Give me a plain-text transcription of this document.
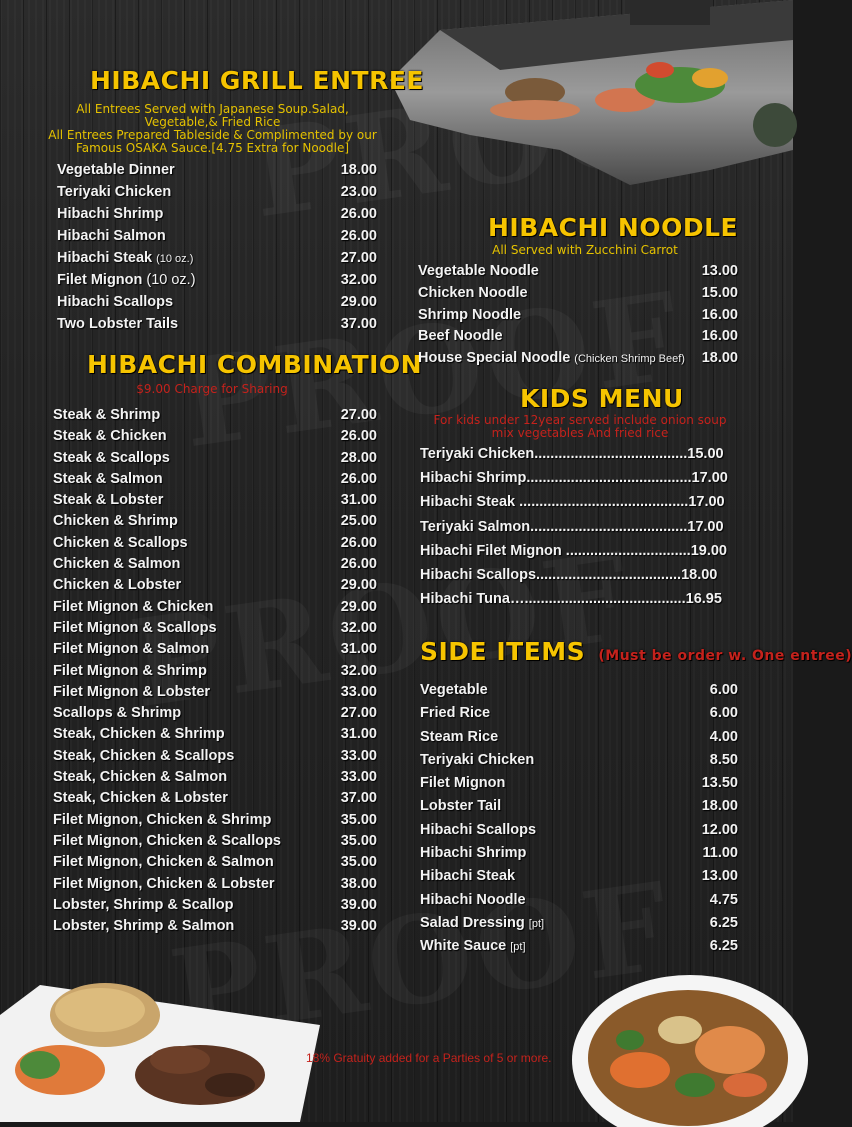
HIBACHI GRILL ENTREE
All Entrees Served with Japanese Soup.Salad,
Vegetable,& Fried Rice
All Entrees Prepared Tableside & Complimented by our
Famous OSAKA Sauce.[4.75 Extra for Noodle]
Vegetable Dinner	18.00
Teriyaki Chicken	23.00
Hibachi Shrimp	26.00
Hibachi Salmon	26.00
Hibachi Steak (10 oz.)	27.00
Filet Mignon (10 oz.)	32.00
Hibachi Scallops	29.00
Two Lobster Tails	37.00
HIBACHI COMBINATION
$9.00 Charge for Sharing
Steak & Shrimp	27.00
Steak & Chicken	26.00
Steak & Scallops	28.00
Steak & Salmon	26.00
Steak & Lobster	31.00
Chicken & Shrimp	25.00
Chicken & Scallops	26.00
Chicken & Salmon	26.00
Chicken & Lobster	29.00
Filet Mignon & Chicken	29.00
Filet Mignon & Scallops	32.00
Filet Mignon & Salmon	31.00
Filet Mignon & Shrimp	32.00
Filet Mignon & Lobster	33.00
Scallops & Shrimp	27.00
Steak, Chicken & Shrimp	31.00
Steak, Chicken & Scallops	33.00
Steak, Chicken & Salmon	33.00
Steak, Chicken & Lobster	37.00
Filet Mignon, Chicken & Shrimp	35.00
Filet Mignon, Chicken & Scallops	35.00
Filet Mignon, Chicken & Salmon	35.00
Filet Mignon, Chicken & Lobster	38.00
Lobster, Shrimp & Scallop	39.00
Lobster, Shrimp & Salmon	39.00
HIBACHI NOODLE
All Served with Zucchini Carrot
Vegetable Noodle	13.00
Chicken Noodle	15.00
Shrimp Noodle	16.00
Beef Noodle	16.00
House Special Noodle (Chicken Shrimp Beef) 18.00
KIDS MENU
For kids under 12year served include onion soup
mix vegetables And fried rice
Teriyaki Chicken...................................... 15.00
Hibachi Shrimp......................................... 17.00
Hibachi Steak .......................................... 17.00
Teriyaki Salmon....................................... 17.00
Hibachi Filet Mignon ............................... 19.00
Hibachi Scallops.................................... 18.00
Hibachi Tuna…........................................ 16.95
SIDE ITEMS (Must be order w. One entree)
Vegetable	6.00
Fried Rice	6.00
Steam Rice	4.00
Teriyaki Chicken	8.50
Filet Mignon	13.50
Lobster Tail	18.00
Hibachi Scallops	12.00
Hibachi Shrimp	11.00
Hibachi Steak	13.00
Hibachi Noodle	4.75
Salad Dressing [pt]	6.25
White Sauce [pt]	6.25
18% Gratuity added for a Parties of 5 or more.
